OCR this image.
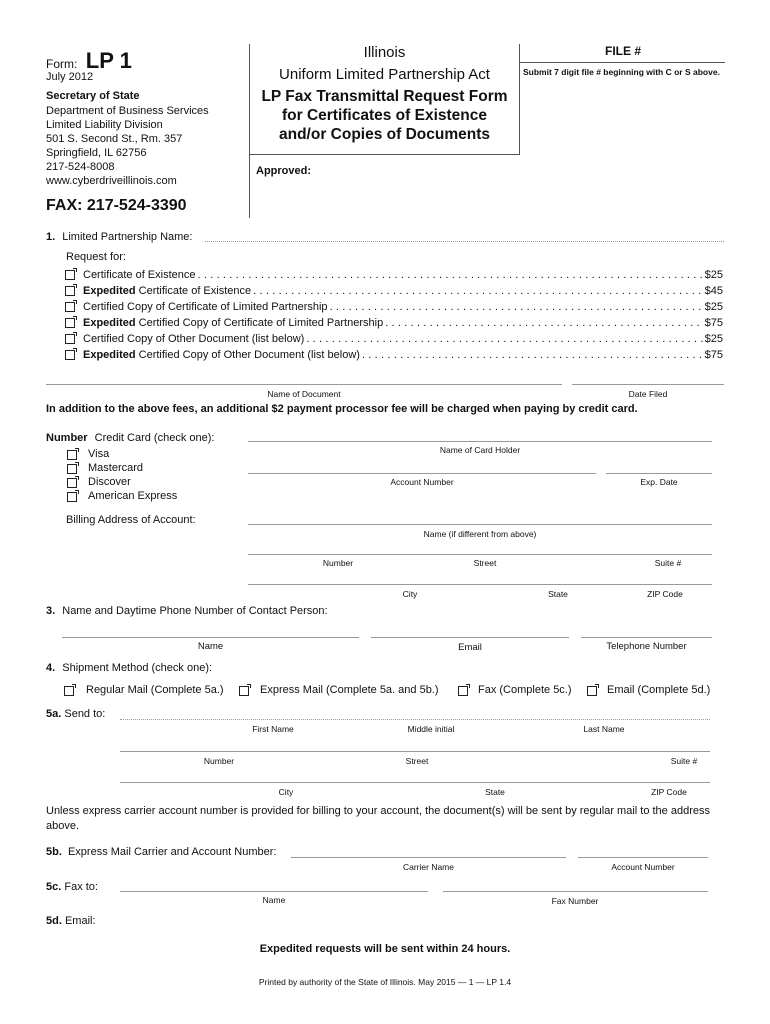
Form: LP 1
July 2012
Secretary of State
Department of Business Services
Limited Liability Division
501 S. Second St., Rm. 357
Springfield, IL 62756
217-524-8008
www.cyberdriveillinois.com
FAX: 217-524-3390
Illinois
Uniform Limited Partnership Act
LP Fax Transmittal Request Form
for Certificates of Existence
and/or Copies of Documents
Approved:
FILE #
Submit 7 digit file # beginning with C or S above.
1. Limited Partnership Name:
Request for:
Certificate of Existence .....	$25
Expedited Certificate of Existence .....	$45
Certified Copy of Certificate of Limited Partnership .....	$25
Expedited Certified Copy of Certificate of Limited Partnership .....	$75
Certified Copy of Other Document (list below) .....	$25
Expedited Certified Copy of Other Document (list below) .....	$75
Name of Document	Date Filed
In addition to the above fees, an additional $2 payment processor fee will be charged when paying by credit card.
Number Credit Card (check one):
Visa
Mastercard
Discover
American Express
Billing Address of Account:
Name of Card Holder
Account Number	Exp. Date
Name (if different from above)
Number	Street	Suite #
City	State	ZIP Code
3. Name and Daytime Phone Number of Contact Person:
Name	Email	Telephone Number
4. Shipment Method (check one):
Regular Mail (Complete 5a.)	Express Mail (Complete 5a. and 5b.)	Fax (Complete 5c.)	Email (Complete 5d.)
5a. Send to:
First Name	Middle initial	Last Name
Number	Street	Suite #
City	State	ZIP Code
Unless express carrier account number is provided for billing to your account, the document(s) will be sent by regular mail to the address above.
5b. Express Mail Carrier and Account Number:
Carrier Name	Account Number
5c. Fax to:
Name	Fax Number
5d. Email:
Expedited requests will be sent within 24 hours.
Printed by authority of the State of Illinois. May 2015 — 1 — LP 1.4
